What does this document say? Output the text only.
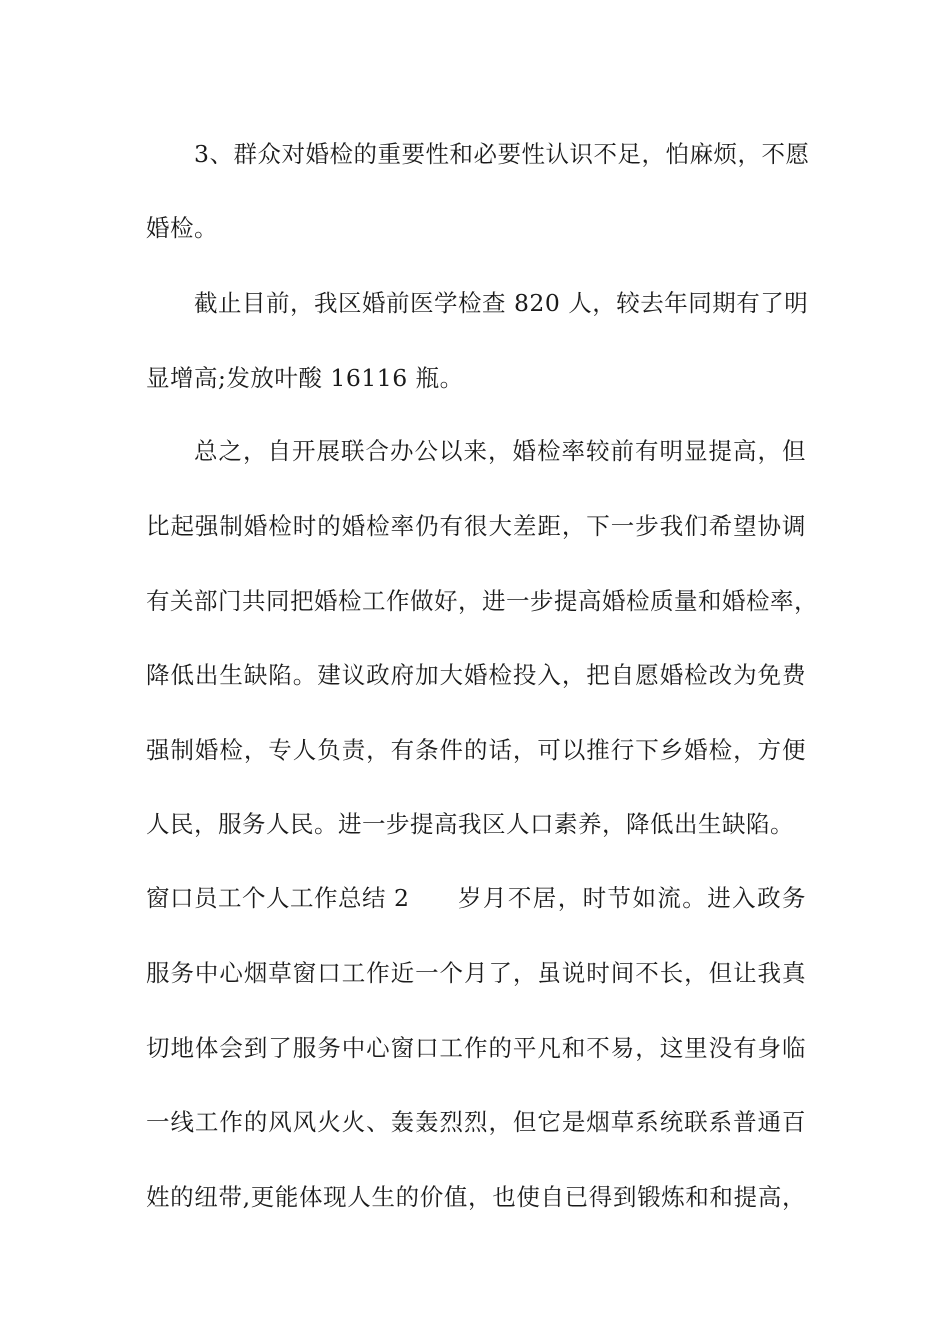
3、群众对婚检的重要性和必要性认识不足，怕麻烦，不愿
婚检。
截止目前，我区婚前医学检查 820 人，较去年同期有了明
显增高;发放叶酸 16116 瓶。
总之，自开展联合办公以来，婚检率较前有明显提高，但
比起强制婚检时的婚检率仍有很大差距，下一步我们希望协调
有关部门共同把婚检工作做好，进一步提高婚检质量和婚检率，
降低出生缺陷。建议政府加大婚检投入，把自愿婚检改为免费
强制婚检，专人负责，有条件的话，可以推行下乡婚检，方便
人民，服务人民。进一步提高我区人口素养，降低出生缺陷。
窗口员工个人工作总结 2 岁月不居，时节如流。进入政务
服务中心烟草窗口工作近一个月了，虽说时间不长，但让我真
切地体会到了服务中心窗口工作的平凡和不易，这里没有身临
一线工作的风风火火、轰轰烈烈，但它是烟草系统联系普通百
姓的纽带,更能体现人生的价值，也使自已得到锻炼和和提高，
